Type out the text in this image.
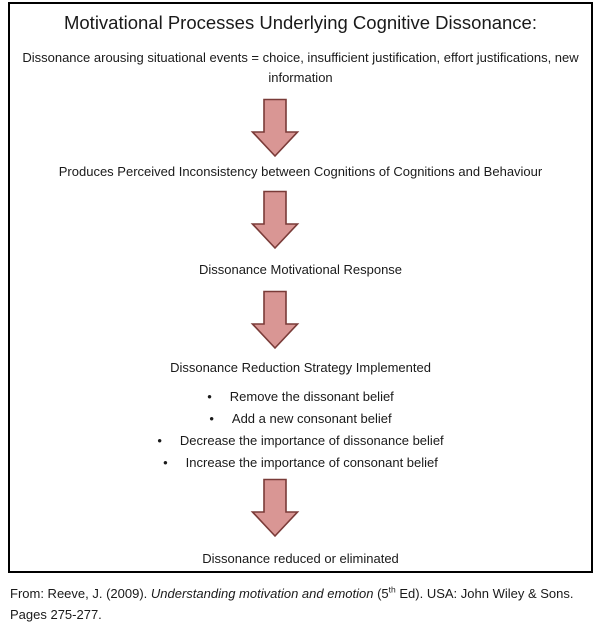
Motivational Processes Underlying Cognitive Dissonance:
Dissonance arousing situational events = choice, insufficient justification, effort justifications, new
information
Produces Perceived Inconsistency between Cognitions of Cognitions and Behaviour
Dissonance Motivational Response
Dissonance Reduction Strategy Implemented
• Remove the dissonant belief
• Add a new consonant belief
• Decrease the importance of dissonance belief
• Increase the importance of consonant belief
Dissonance reduced or eliminated
From: Reeve, J. (2009). Understanding motivation and emotion (5th Ed). USA: John Wiley & Sons.
Pages 275-277.
